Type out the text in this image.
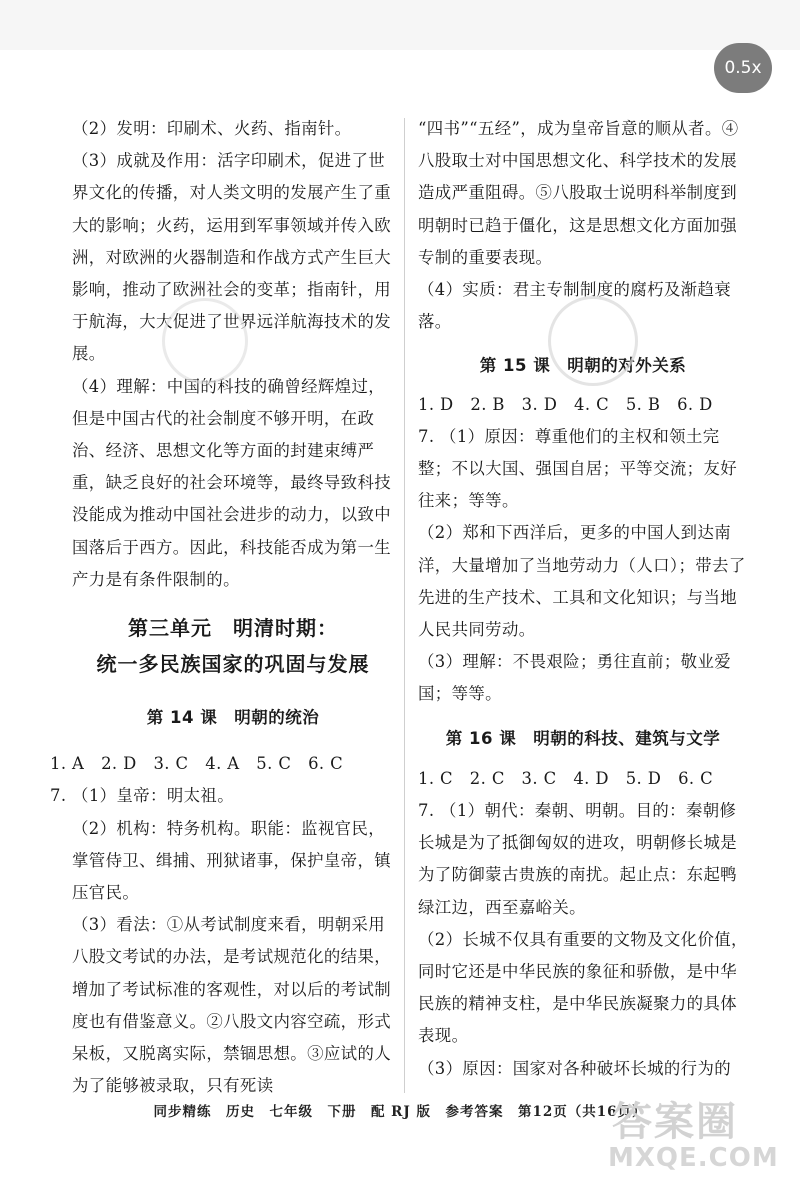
0.5x

（2）发明：印刷术、火药、指南针。

（3）成就及作用：活字印刷术，促进了世界文化的传播，对人类文明的发展产生了重大的影响；火药，运用到军事领域并传入欧洲，对欧洲的火器制造和作战方式产生巨大影响，推动了欧洲社会的变革；指南针，用于航海，大大促进了世界远洋航海技术的发展。

（4）理解：中国的科技的确曾经辉煌过，但是中国古代的社会制度不够开明，在政治、经济、思想文化等方面的封建束缚严重，缺乏良好的社会环境等，最终导致科技没能成为推动中国社会进步的动力，以致中国落后于西方。因此，科技能否成为第一生产力是有条件限制的。

第三单元　明清时期：

统一多民族国家的巩固与发展

第 14 课　明朝的统治

1. A　2. D　3. C　4. A　5. C　6. C

7. （1）皇帝：明太祖。

（2）机构：特务机构。职能：监视官民，掌管侍卫、缉捕、刑狱诸事，保护皇帝，镇压官民。

（3）看法：①从考试制度来看，明朝采用八股文考试的办法，是考试规范化的结果，增加了考试标准的客观性，对以后的考试制度也有借鉴意义。②八股文内容空疏，形式呆板，又脱离实际，禁锢思想。③应试的人为了能够被录取，只有死读

“四书”“五经”，成为皇帝旨意的顺从者。④八股取士对中国思想文化、科学技术的发展造成严重阻碍。⑤八股取士说明科举制度到明朝时已趋于僵化，这是思想文化方面加强专制的重要表现。

（4）实质：君主专制制度的腐朽及渐趋衰落。

第 15 课　明朝的对外关系

1. D　2. B　3. D　4. C　5. B　6. D

7. （1）原因：尊重他们的主权和领土完整；不以大国、强国自居；平等交流；友好往来；等等。

（2）郑和下西洋后，更多的中国人到达南洋，大量增加了当地劳动力（人口）；带去了先进的生产技术、工具和文化知识；与当地人民共同劳动。

（3）理解：不畏艰险；勇往直前；敬业爱国；等等。

第 16 课　明朝的科技、建筑与文学

1. C　2. C　3. C　4. D　5. D　6. C

7. （1）朝代：秦朝、明朝。目的：秦朝修长城是为了抵御匈奴的进攻，明朝修长城是为了防御蒙古贵族的南扰。起止点：东起鸭绿江边，西至嘉峪关。

（2）长城不仅具有重要的文物及文化价值，同时它还是中华民族的象征和骄傲，是中华民族的精神支柱，是中华民族凝聚力的具体表现。

（3）原因：国家对各种破坏长城的行为的

同步精练　历史　七年级　下册　配 RJ 版　参考答案　第12页（共16页）
答案圈
MXQE.COM
